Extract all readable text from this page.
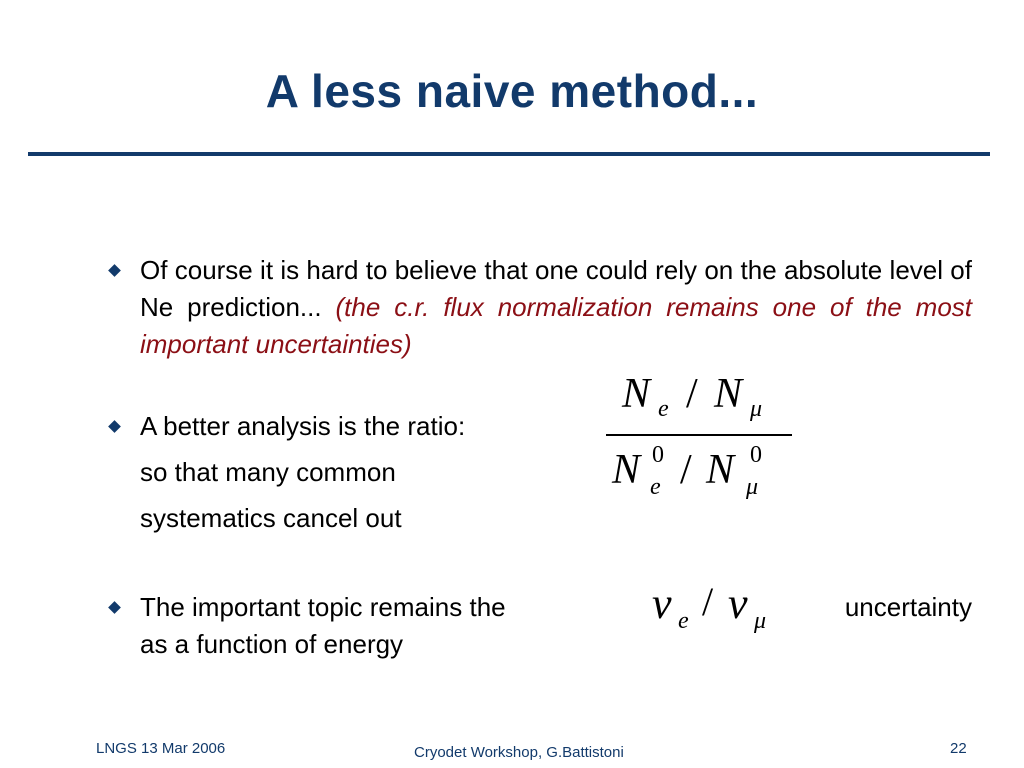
A less naive method...
Of course it is hard to believe that one could rely on the absolute level of Ne prediction... (the c.r. flux normalization remains one of the most important uncertainties)
A better analysis is the ratio:
so that many common
systematics cancel out
N e / N μ
N 0
e / N 0
μ
The important topic remains the	uncertainty
as a function of energy
ν e / ν μ
LNGS 13 Mar 2006	Cryodet Workshop, G.Battistoni	22
